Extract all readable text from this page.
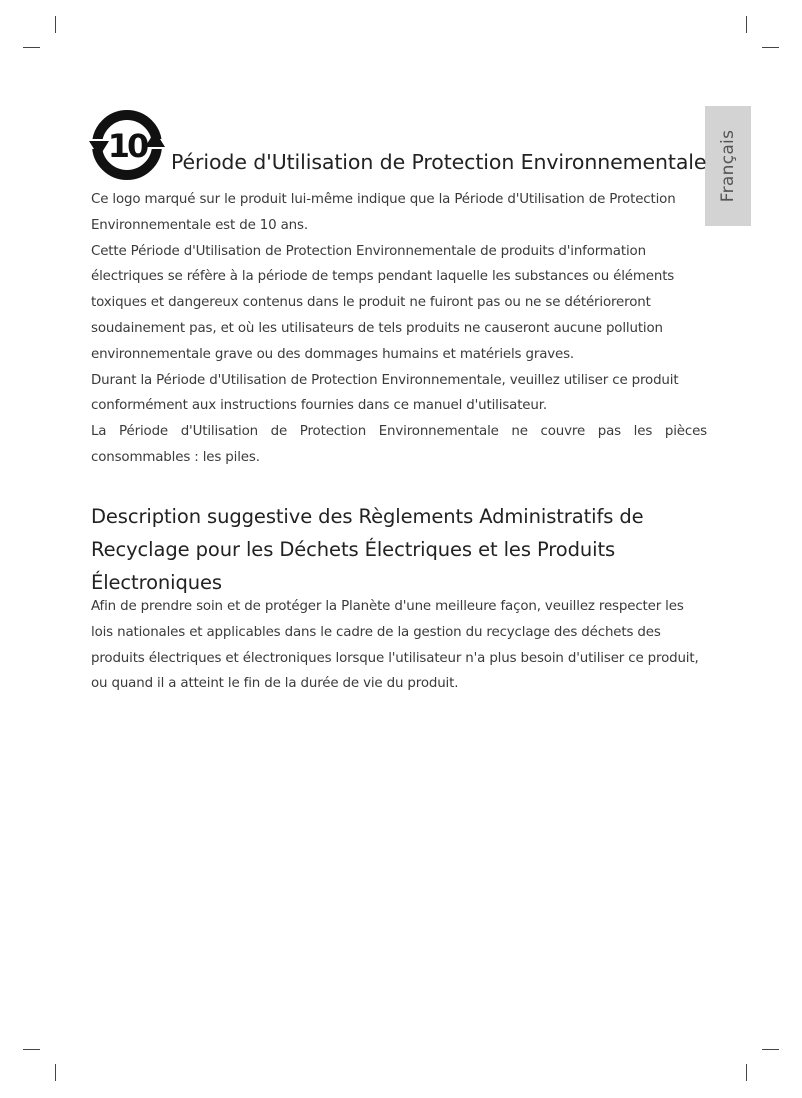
Français
10 Période d'Utilisation de Protection Environnementale

Ce logo marqué sur le produit lui-même indique que la Période d'Utilisation de Protection

Environnementale est de 10 ans.

Cette Période d'Utilisation de Protection Environnementale de produits d'information

électriques se réfère à la période de temps pendant laquelle les substances ou éléments

toxiques et dangereux contenus dans le produit ne fuiront pas ou ne se détérioreront

soudainement pas, et où les utilisateurs de tels produits ne causeront aucune pollution

environnementale grave ou des dommages humains et matériels graves.

Durant la Période d'Utilisation de Protection Environnementale, veuillez utiliser ce produit

conformément aux instructions fournies dans ce manuel d'utilisateur.

La Période d'Utilisation de Protection Environnementale ne couvre pas les pièces

consommables : les piles.

Description suggestive des Règlements Administratifs de
Recyclage pour les Déchets Électriques et les Produits
Électroniques

Afin de prendre soin et de protéger la Planète d'une meilleure façon, veuillez respecter les

lois nationales et applicables dans le cadre de la gestion du recyclage des déchets des

produits électriques et électroniques lorsque l'utilisateur n'a plus besoin d'utiliser ce produit,

ou quand il a atteint le fin de la durée de vie du produit.
